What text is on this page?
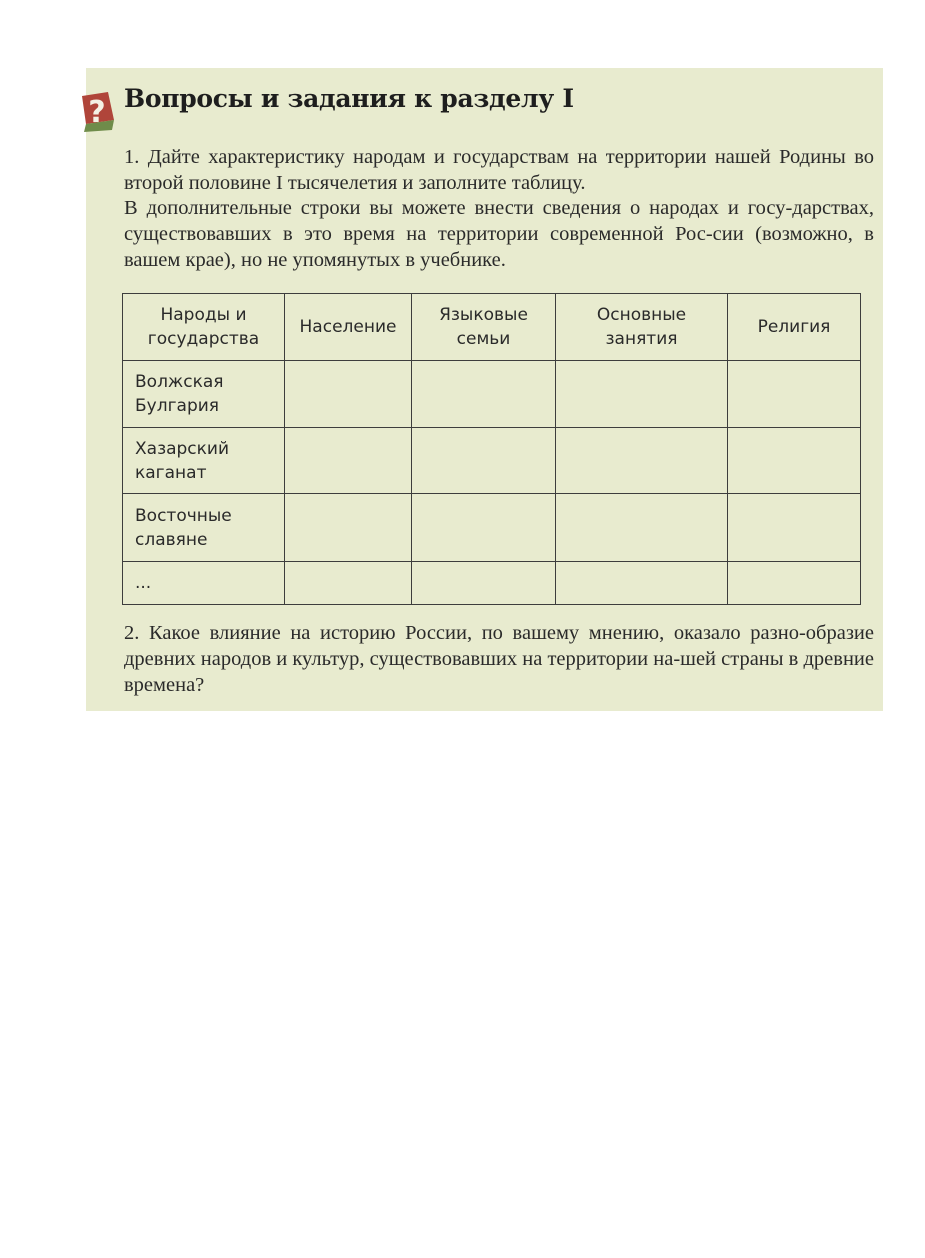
? Вопросы и задания к разделу I

1. Дайте характеристику народам и государствам на территории нашей Родины во второй половине I тысячелетия и заполните таблицу.

В дополнительные строки вы можете внести сведения о народах и госу-дарствах, существовавших в это время на территории современной Рос-сии (возможно, в вашем крае), но не упомянутых в учебнике.

Народы и государства	Население	Языковые семьи	Основные занятия	Религия
Волжская Булгария				
Хазарский каганат				
Восточные славяне				
...				

2. Какое влияние на историю России, по вашему мнению, оказало разно-образие древних народов и культур, существовавших на территории на-шей страны в древние времена?
